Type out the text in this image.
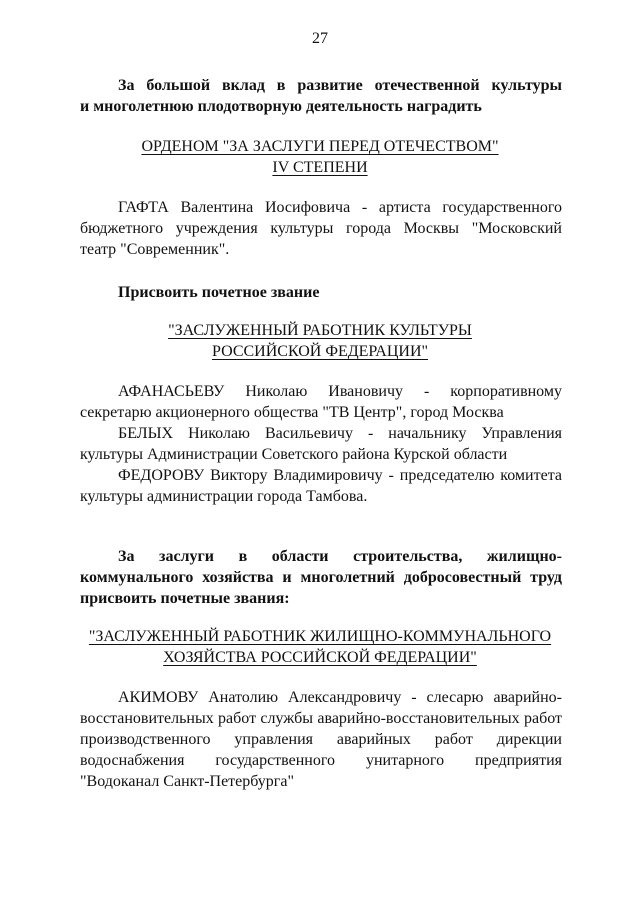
27
За большой вклад в развитие отечественной культуры
и многолетнюю плодотворную деятельность наградить
ОРДЕНОМ "ЗА ЗАСЛУГИ ПЕРЕД ОТЕЧЕСТВОМ"
IV СТЕПЕНИ
ГАФТА Валентина Иосифовича - артиста государственного
бюджетного учреждения культуры города Москвы "Московский
театр "Современник".
Присвоить почетное звание
"ЗАСЛУЖЕННЫЙ РАБОТНИК КУЛЬТУРЫ
РОССИЙСКОЙ ФЕДЕРАЦИИ"
АФАНАСЬЕВУ Николаю Ивановичу - корпоративному
секретарю акционерного общества "ТВ Центр", город Москва
БЕЛЫХ Николаю Васильевичу - начальнику Управления
культуры Администрации Советского района Курской области
ФЕДОРОВУ Виктору Владимировичу - председателю комитета
культуры администрации города Тамбова.
За заслуги в области строительства, жилищно-
коммунального хозяйства и многолетний добросовестный труд
присвоить почетные звания:
"ЗАСЛУЖЕННЫЙ РАБОТНИК ЖИЛИЩНО-КОММУНАЛЬНОГО
ХОЗЯЙСТВА РОССИЙСКОЙ ФЕДЕРАЦИИ"
АКИМОВУ Анатолию Александровичу - слесарю аварийно-
восстановительных работ службы аварийно-восстановительных работ
производственного управления аварийных работ дирекции
водоснабжения государственного унитарного предприятия
"Водоканал Санкт-Петербурга"
